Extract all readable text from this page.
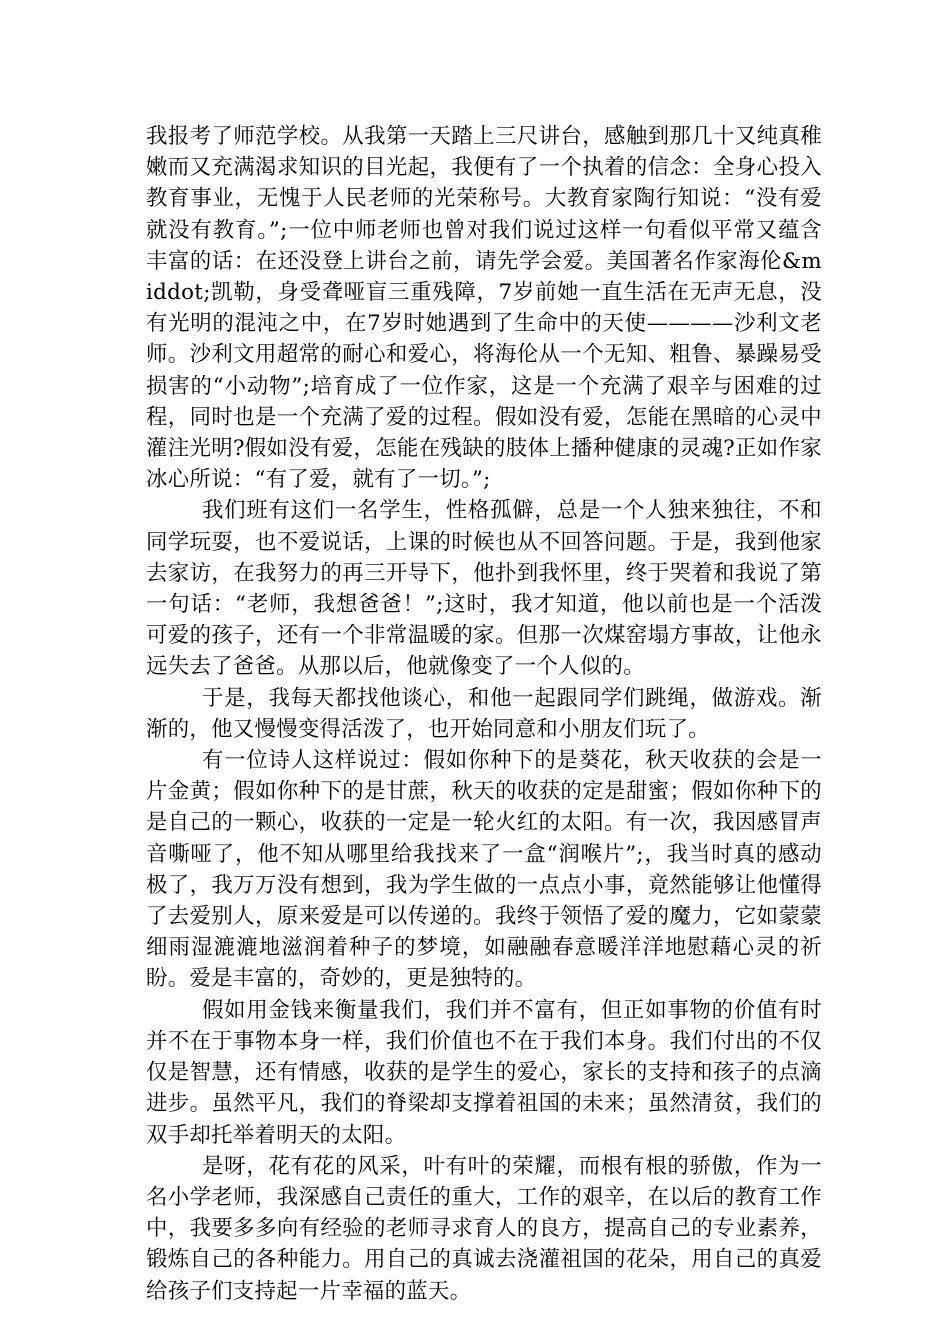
我报考了师范学校。从我第一天踏上三尺讲台，感触到那几十又纯真稚嫩而又充满渴求知识的目光起，我便有了一个执着的信念：全身心投入教育事业，无愧于人民老师的光荣称号。大教育家陶行知说：“没有爱就没有教育。”;一位中师老师也曾对我们说过这样一句看似平常又蕴含丰富的话：在还没登上讲台之前，请先学会爱。美国著名作家海伦&middot;凯勒，身受聋哑盲三重残障，7岁前她一直生活在无声无息，没有光明的混沌之中，在7岁时她遇到了生命中的天使————沙利文老师。沙利文用超常的耐心和爱心，将海伦从一个无知、粗鲁、暴躁易受损害的“小动物”;培育成了一位作家，这是一个充满了艰辛与困难的过程，同时也是一个充满了爱的过程。假如没有爱，怎能在黑暗的心灵中灌注光明?假如没有爱，怎能在残缺的肢体上播种健康的灵魂?正如作家冰心所说：“有了爱，就有了一切。”;

我们班有这们一名学生，性格孤僻，总是一个人独来独往，不和同学玩耍，也不爱说话，上课的时候也从不回答问题。于是，我到他家去家访，在我努力的再三开导下，他扑到我怀里，终于哭着和我说了第一句话：“老师，我想爸爸！”;这时，我才知道，他以前也是一个活泼可爱的孩子，还有一个非常温暖的家。但那一次煤窑塌方事故，让他永远失去了爸爸。从那以后，他就像变了一个人似的。

于是，我每天都找他谈心，和他一起跟同学们跳绳，做游戏。渐渐的，他又慢慢变得活泼了，也开始同意和小朋友们玩了。

有一位诗人这样说过：假如你种下的是葵花，秋天收获的会是一片金黄；假如你种下的是甘蔗，秋天的收获的定是甜蜜；假如你种下的是自己的一颗心，收获的一定是一轮火红的太阳。有一次，我因感冒声音嘶哑了，他不知从哪里给我找来了一盒“润喉片”;，我当时真的感动极了，我万万没有想到，我为学生做的一点点小事，竟然能够让他懂得了去爱别人，原来爱是可以传递的。我终于领悟了爱的魔力，它如蒙蒙细雨湿漉漉地滋润着种子的梦境，如融融春意暖洋洋地慰藉心灵的祈盼。爱是丰富的，奇妙的，更是独特的。

假如用金钱来衡量我们，我们并不富有，但正如事物的价值有时并不在于事物本身一样，我们价值也不在于我们本身。我们付出的不仅仅是智慧，还有情感，收获的是学生的爱心，家长的支持和孩子的点滴进步。虽然平凡，我们的脊梁却支撑着祖国的未来；虽然清贫，我们的双手却托举着明天的太阳。

是呀，花有花的风采，叶有叶的荣耀，而根有根的骄傲，作为一名小学老师，我深感自己责任的重大，工作的艰辛，在以后的教育工作中，我要多多向有经验的老师寻求育人的良方，提高自己的专业素养，锻炼自己的各种能力。用自己的真诚去浇灌祖国的花朵，用自己的真爱给孩子们支持起一片幸福的蓝天。
